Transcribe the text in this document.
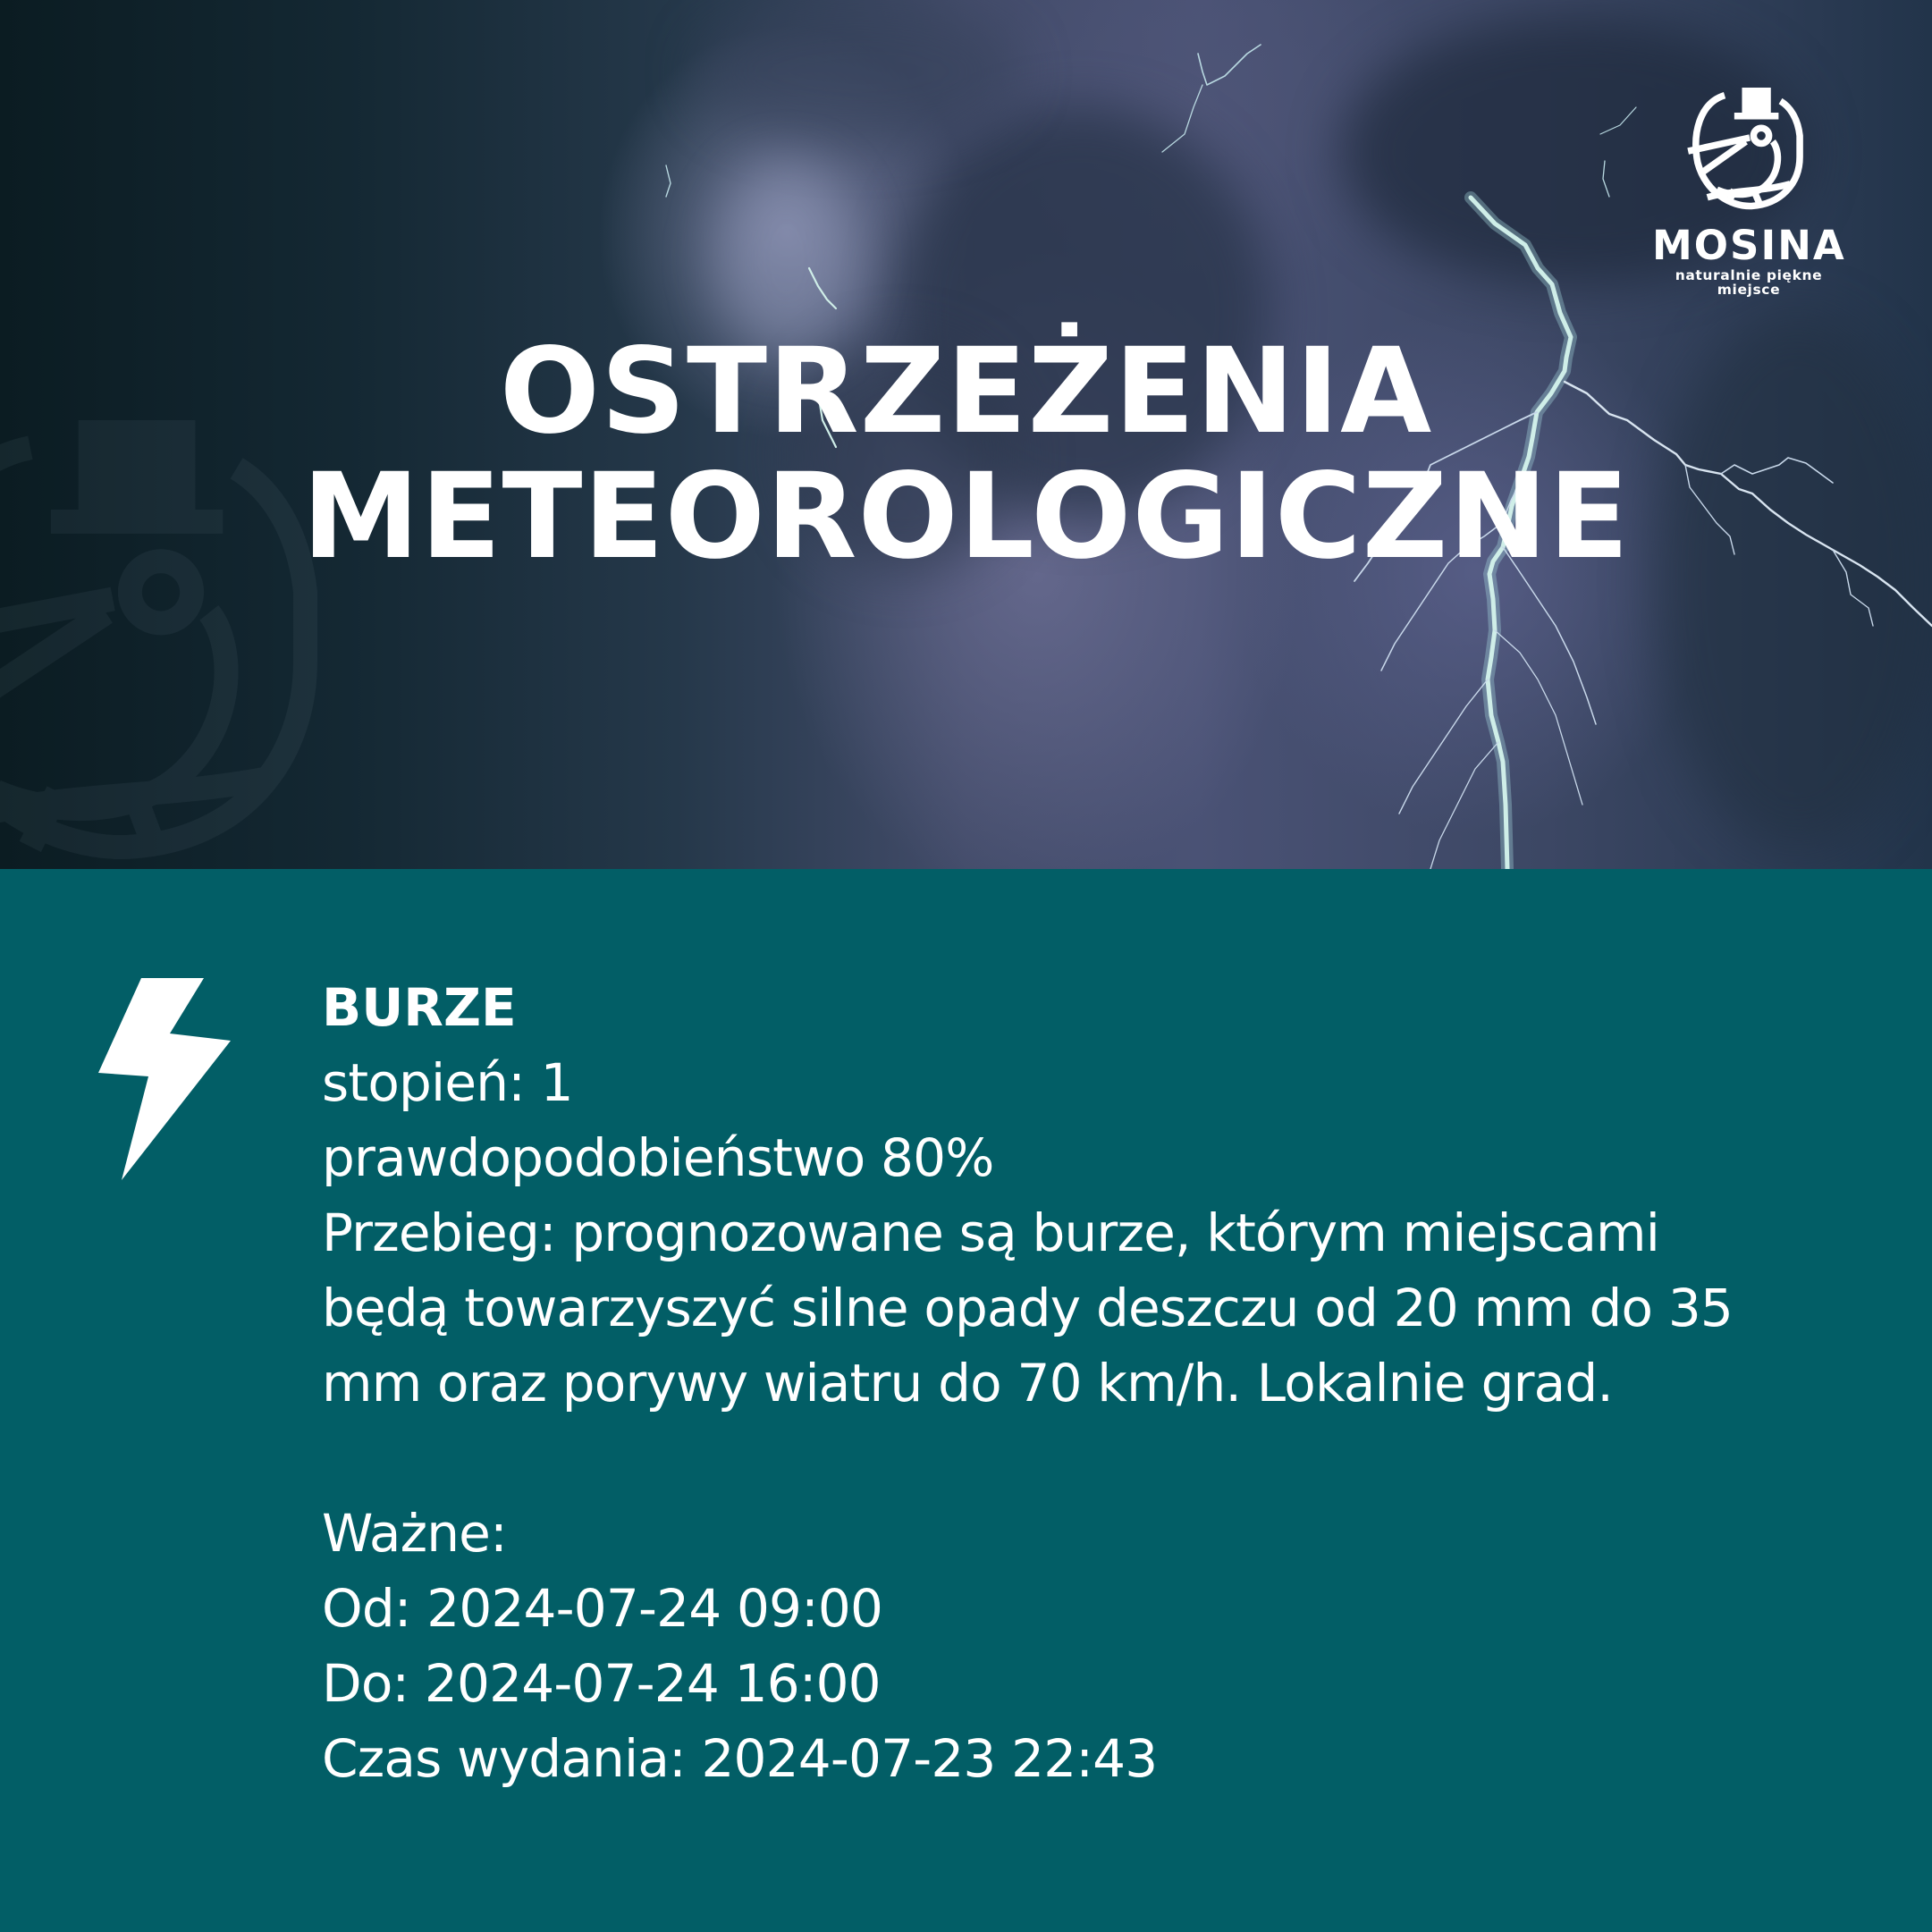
MOSINA
naturalnie piękne miejsce
OSTRZEŻENIA
METEOROLOGICZNE
BURZE
stopień: 1
prawdopodobieństwo 80%
Przebieg: prognozowane są burze, którym miejscami
będą towarzyszyć silne opady deszczu od 20 mm do 35
mm oraz porywy wiatru do 70 km/h. Lokalnie grad.
Ważne:
Od: 2024-07-24 09:00
Do: 2024-07-24 16:00
Czas wydania: 2024-07-23 22:43
